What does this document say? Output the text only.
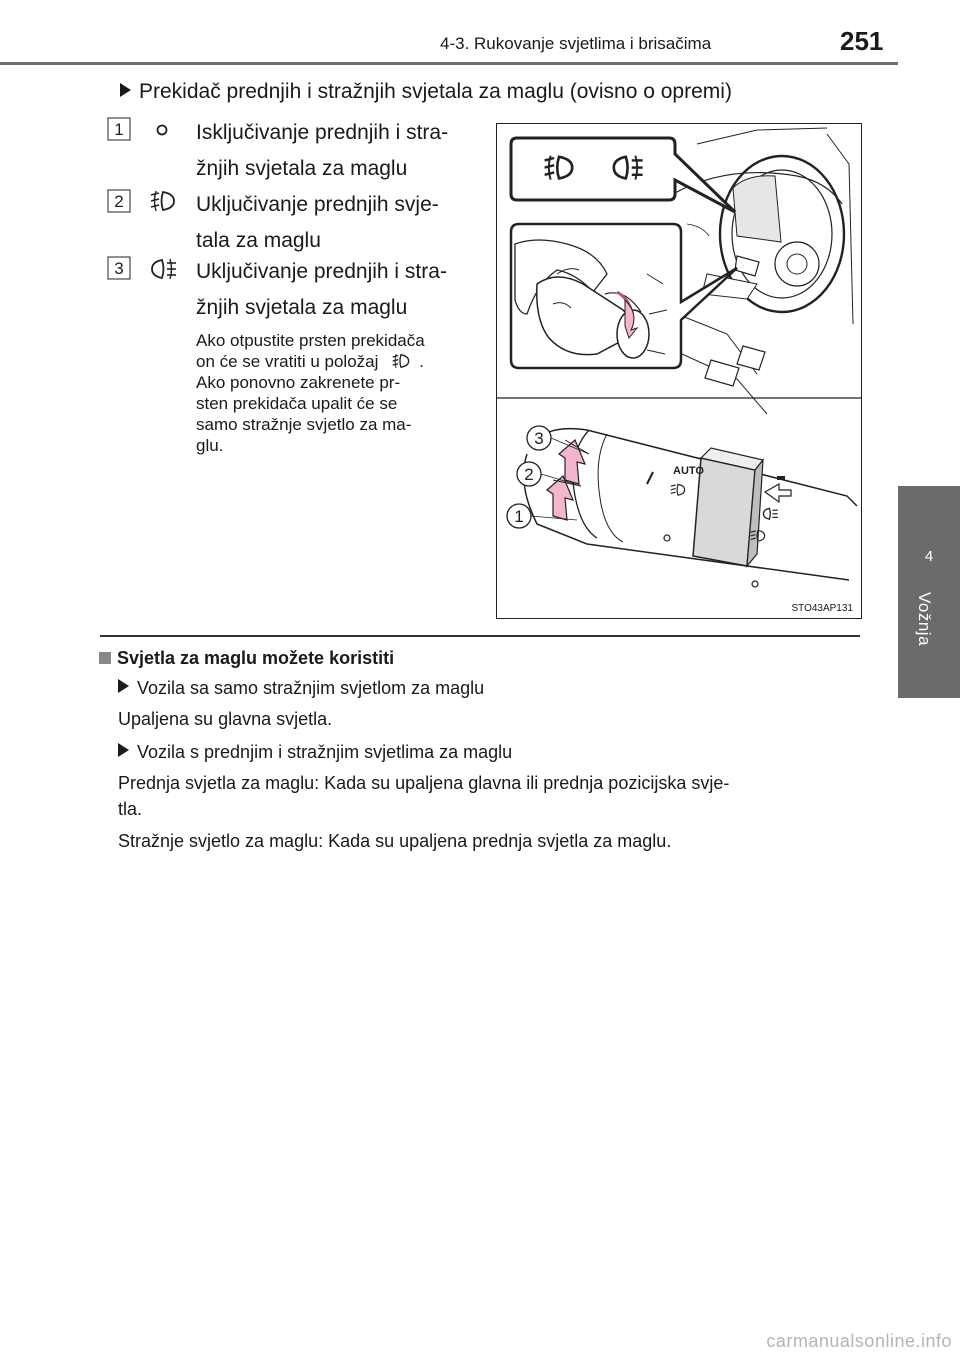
4-3. Rukovanje svjetlima i brisačima	251
4
Vožnja
Prekidač prednjih i stražnjih svjetala za maglu (ovisno o opremi)
1	Isključivanje prednjih i stra-
žnjih svjetala za maglu
2	Uključivanje prednjih svje-
tala za maglu
3	Uključivanje prednjih i stra-
žnjih svjetala za maglu
Ako otpustite prsten prekidača
on će se vratiti u položaj .
Ako ponovno zakrenete pr-
sten prekidača upalit će se
samo stražnje svjetlo za ma-
glu.
AUTO
3
2
1
STO43AP131
Svjetla za maglu možete koristiti
Vozila sa samo stražnjim svjetlom za maglu
Upaljena su glavna svjetla.
Vozila s prednjim i stražnjim svjetlima za maglu
Prednja svjetla za maglu: Kada su upaljena glavna ili prednja pozicijska svje-
tla.
Stražnje svjetlo za maglu: Kada su upaljena prednja svjetla za maglu.
carmanualsonline.info
